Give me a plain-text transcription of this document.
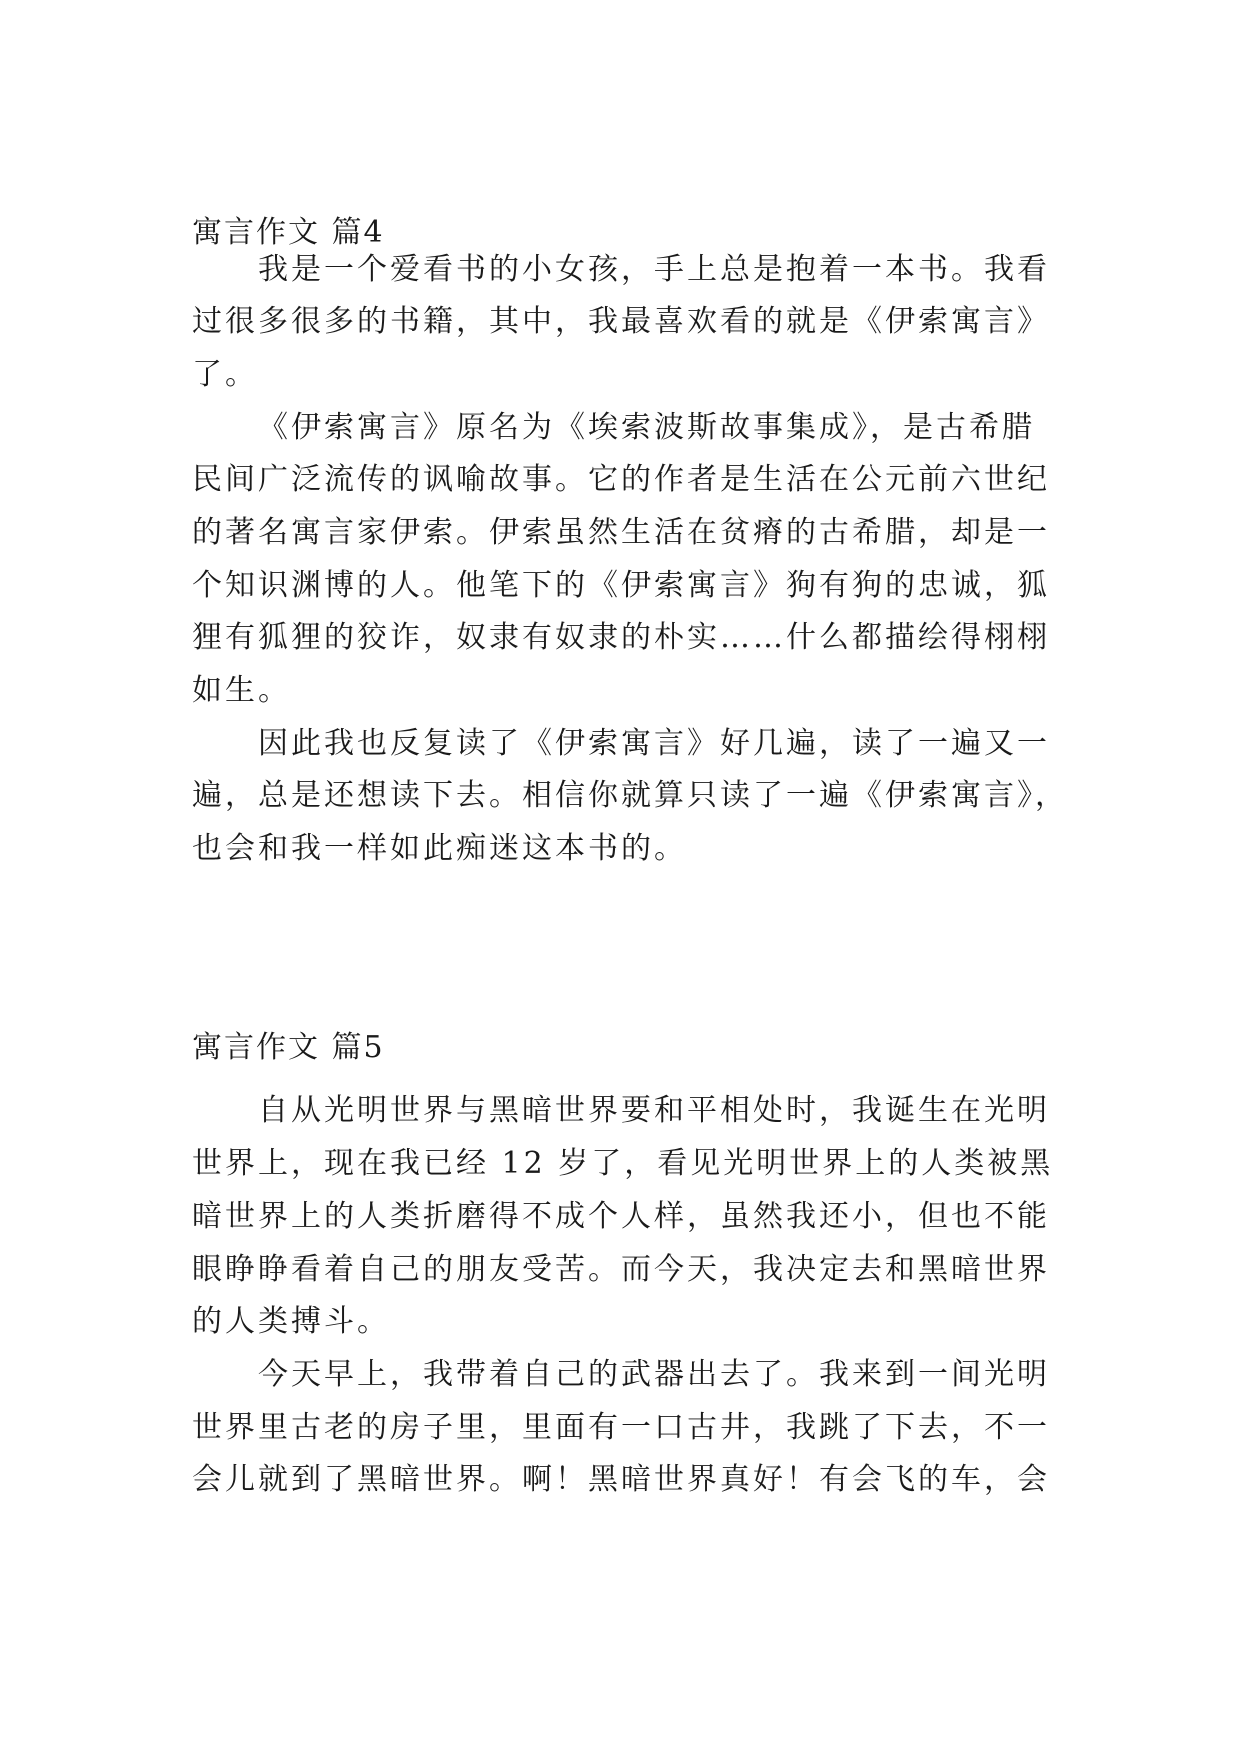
寓言作文 篇4
我是一个爱看书的小女孩，手上总是抱着一本书。我看
过很多很多的书籍，其中，我最喜欢看的就是《伊索寓言》
了。
《伊索寓言》原名为《埃索波斯故事集成》，是古希腊
民间广泛流传的讽喻故事。它的作者是生活在公元前六世纪
的著名寓言家伊索。伊索虽然生活在贫瘠的古希腊，却是一
个知识渊博的人。他笔下的《伊索寓言》狗有狗的忠诚，狐
狸有狐狸的狡诈，奴隶有奴隶的朴实……什么都描绘得栩栩
如生。
因此我也反复读了《伊索寓言》好几遍，读了一遍又一
遍，总是还想读下去。相信你就算只读了一遍《伊索寓言》，
也会和我一样如此痴迷这本书的。
寓言作文 篇5
自从光明世界与黑暗世界要和平相处时，我诞生在光明
世界上，现在我已经 12 岁了，看见光明世界上的人类被黑
暗世界上的人类折磨得不成个人样，虽然我还小，但也不能
眼睁睁看着自己的朋友受苦。而今天，我决定去和黑暗世界
的人类搏斗。
今天早上，我带着自己的武器出去了。我来到一间光明
世界里古老的房子里，里面有一口古井，我跳了下去，不一
会儿就到了黑暗世界。啊！黑暗世界真好！有会飞的车，会
